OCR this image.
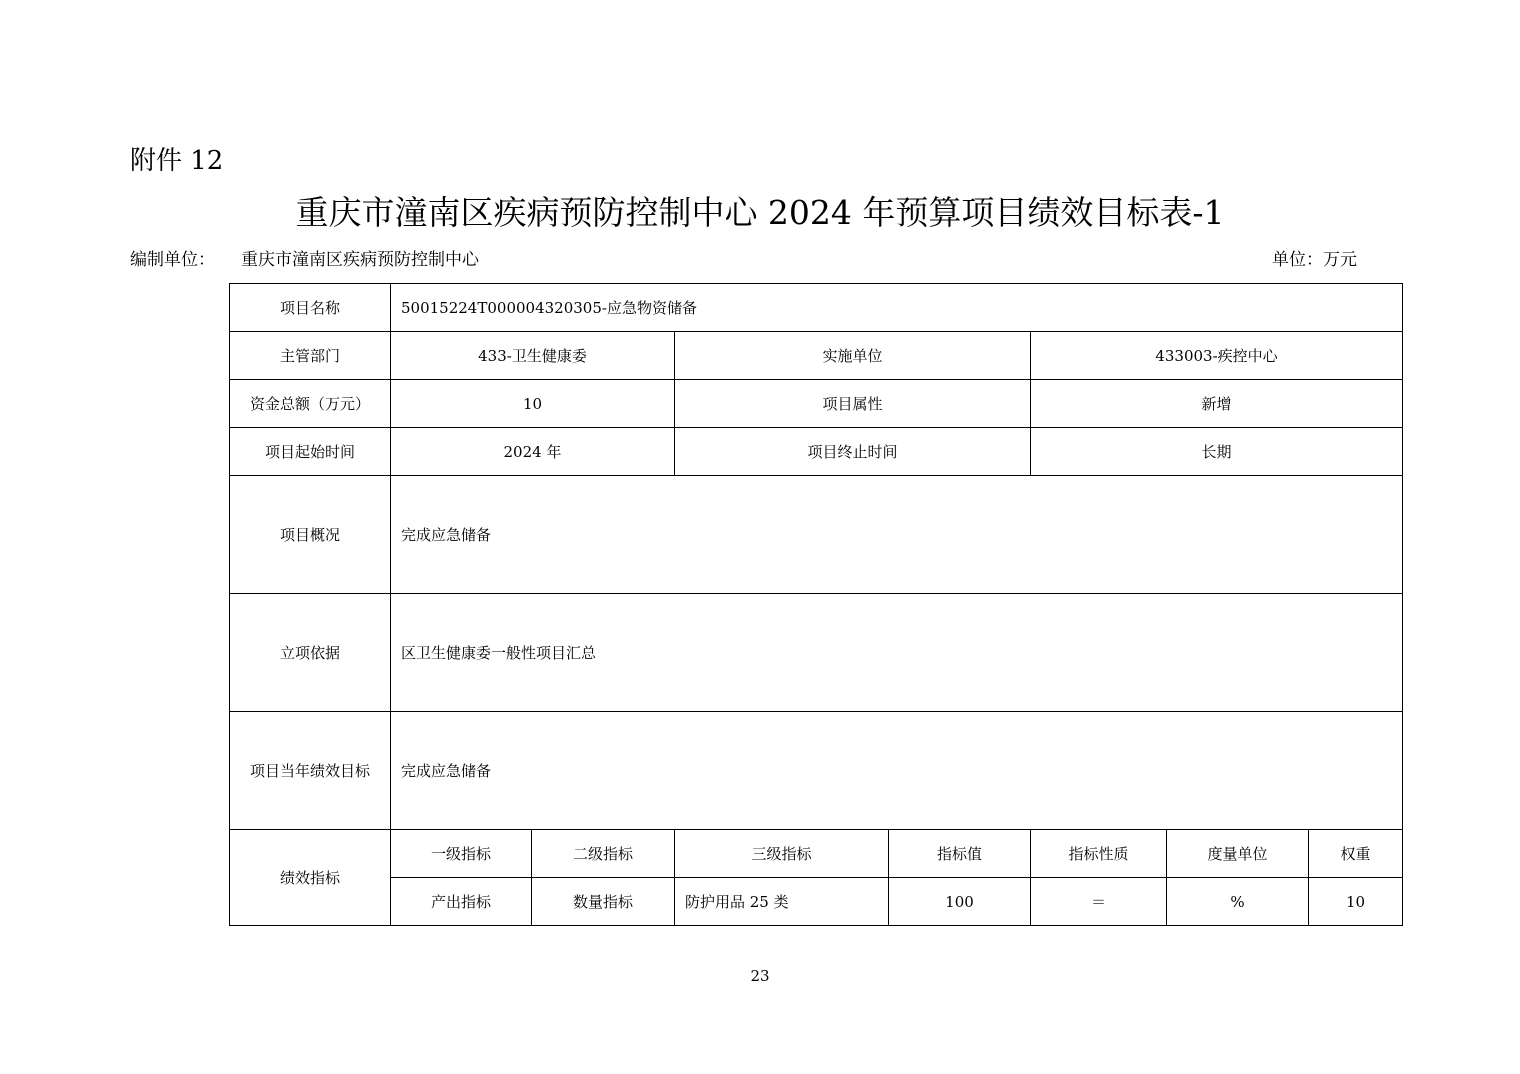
附件 12
重庆市潼南区疾病预防控制中心 2024 年预算项目绩效目标表-1
编制单位： 重庆市潼南区疾病预防控制中心	单位：万元
项目名称	50015224T000004320305-应急物资储备						
主管部门	433-卫生健康委		实施单位		433003-疾控中心		
资金总额（万元）	10		项目属性		新增		
项目起始时间	2024 年		项目终止时间		长期		
项目概况	完成应急储备						
立项依据	区卫生健康委一般性项目汇总						
项目当年绩效目标	完成应急储备						
绩效指标	一级指标	二级指标	三级指标	指标值	指标性质	度量单位	权重
	产出指标	数量指标	防护用品 25 类	100	＝	%	10
23
